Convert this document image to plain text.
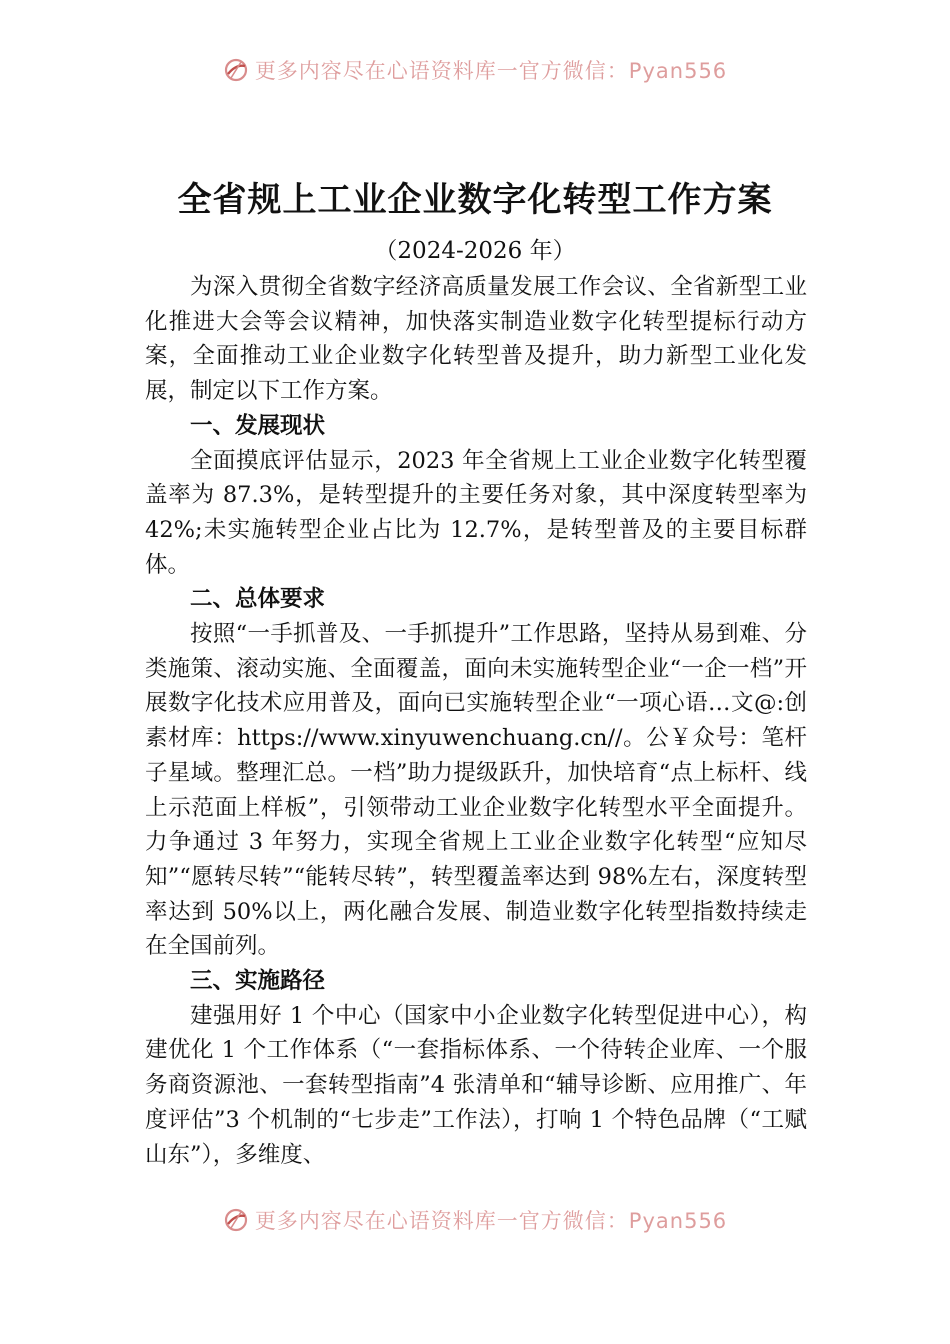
更多内容尽在心语资料库一官方微信：Pyan556
全省规上工业企业数字化转型工作方案
（2024-2026 年）

为深入贯彻全省数字经济高质量发展工作会议、全省新型工业化推进大会等会议精神，加快落实制造业数字化转型提标行动方案，全面推动工业企业数字化转型普及提升，助力新型工业化发展，制定以下工作方案。

一、发展现状

全面摸底评估显示，2023 年全省规上工业企业数字化转型覆盖率为 87.3%，是转型提升的主要任务对象，其中深度转型率为 42%;未实施转型企业占比为 12.7%，是转型普及的主要目标群体。

二、总体要求

按照“一手抓普及、一手抓提升”工作思路，坚持从易到难、分类施策、滚动实施、全面覆盖，面向未实施转型企业“一企一档”开展数字化技术应用普及，面向已实施转型企业“一项心语…文@:创素材库：https://www.xinyuwenchuang.cn//。公￥众号：笔杆子星域。整理汇总。一档”助力提级跃升，加快培育“点上标杆、线上示范面上样板”，引领带动工业企业数字化转型水平全面提升。力争通过 3 年努力，实现全省规上工业企业数字化转型“应知尽知”“愿转尽转”“能转尽转”，转型覆盖率达到 98%左右，深度转型率达到 50%以上，两化融合发展、制造业数字化转型指数持续走在全国前列。

三、实施路径

建强用好 1 个中心（国家中小企业数字化转型促进中心），构建优化 1 个工作体系（“一套指标体系、一个待转企业库、一个服务商资源池、一套转型指南”4 张清单和“辅导诊断、应用推广、年度评估”3 个机制的“七步走”工作法），打响 1 个特色品牌（“工赋山东”），多维度、

更多内容尽在心语资料库一官方微信：Pyan556
